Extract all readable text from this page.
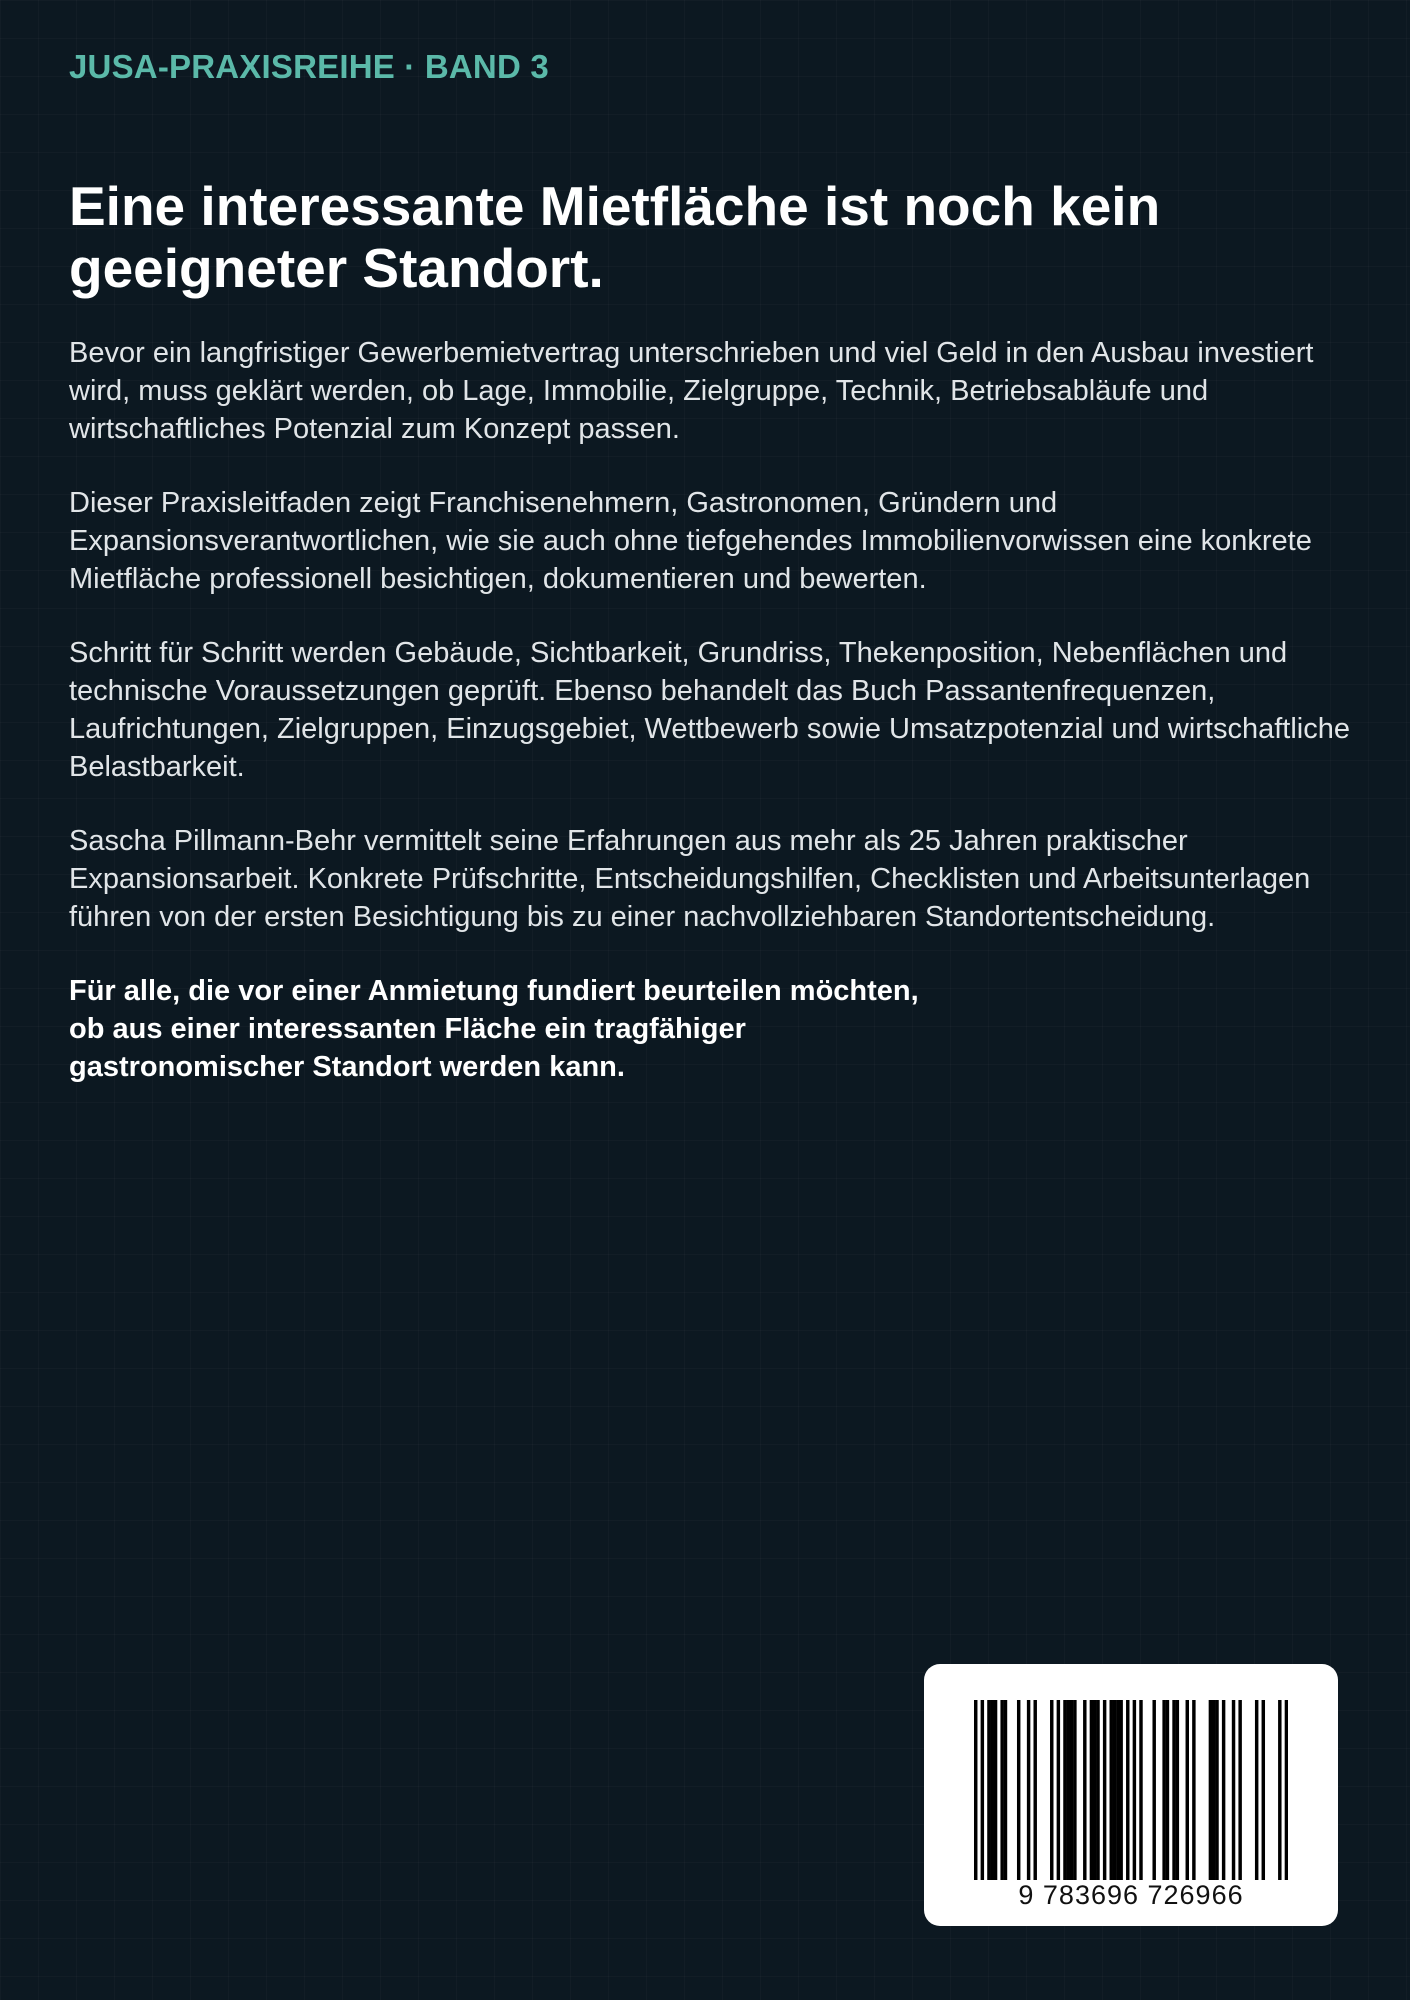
JUSA-PRAXISREIHE · BAND 3
Eine interessante Mietfläche ist noch kein
geeigneter Standort.

Bevor ein langfristiger Gewerbemietvertrag unterschrieben und viel Geld in den Ausbau investiert wird, muss geklärt werden, ob Lage, Immobilie, Zielgruppe, Technik, Betriebsabläufe und wirtschaftliches Potenzial zum Konzept passen.

Dieser Praxisleitfaden zeigt Franchisenehmern, Gastronomen, Gründern und Expansionsverantwortlichen, wie sie auch ohne tiefgehendes Immobilienvorwissen eine konkrete Mietfläche professionell besichtigen, dokumentieren und bewerten.

Schritt für Schritt werden Gebäude, Sichtbarkeit, Grundriss, Thekenposition, Nebenflächen und technische Voraussetzungen geprüft. Ebenso behandelt das Buch Passantenfrequenzen, Laufrichtungen, Zielgruppen, Einzugsgebiet, Wettbewerb sowie Umsatzpotenzial und wirtschaftliche Belastbarkeit.

Sascha Pillmann-Behr vermittelt seine Erfahrungen aus mehr als 25 Jahren praktischer Expansionsarbeit. Konkrete Prüfschritte, Entscheidungshilfen, Checklisten und Arbeitsunterlagen führen von der ersten Besichtigung bis zu einer nachvollziehbaren Standortentscheidung.

Für alle, die vor einer Anmietung fundiert beurteilen möchten,
ob aus einer interessanten Fläche ein tragfähiger
gastronomischer Standort werden kann.

9 783696 726966
